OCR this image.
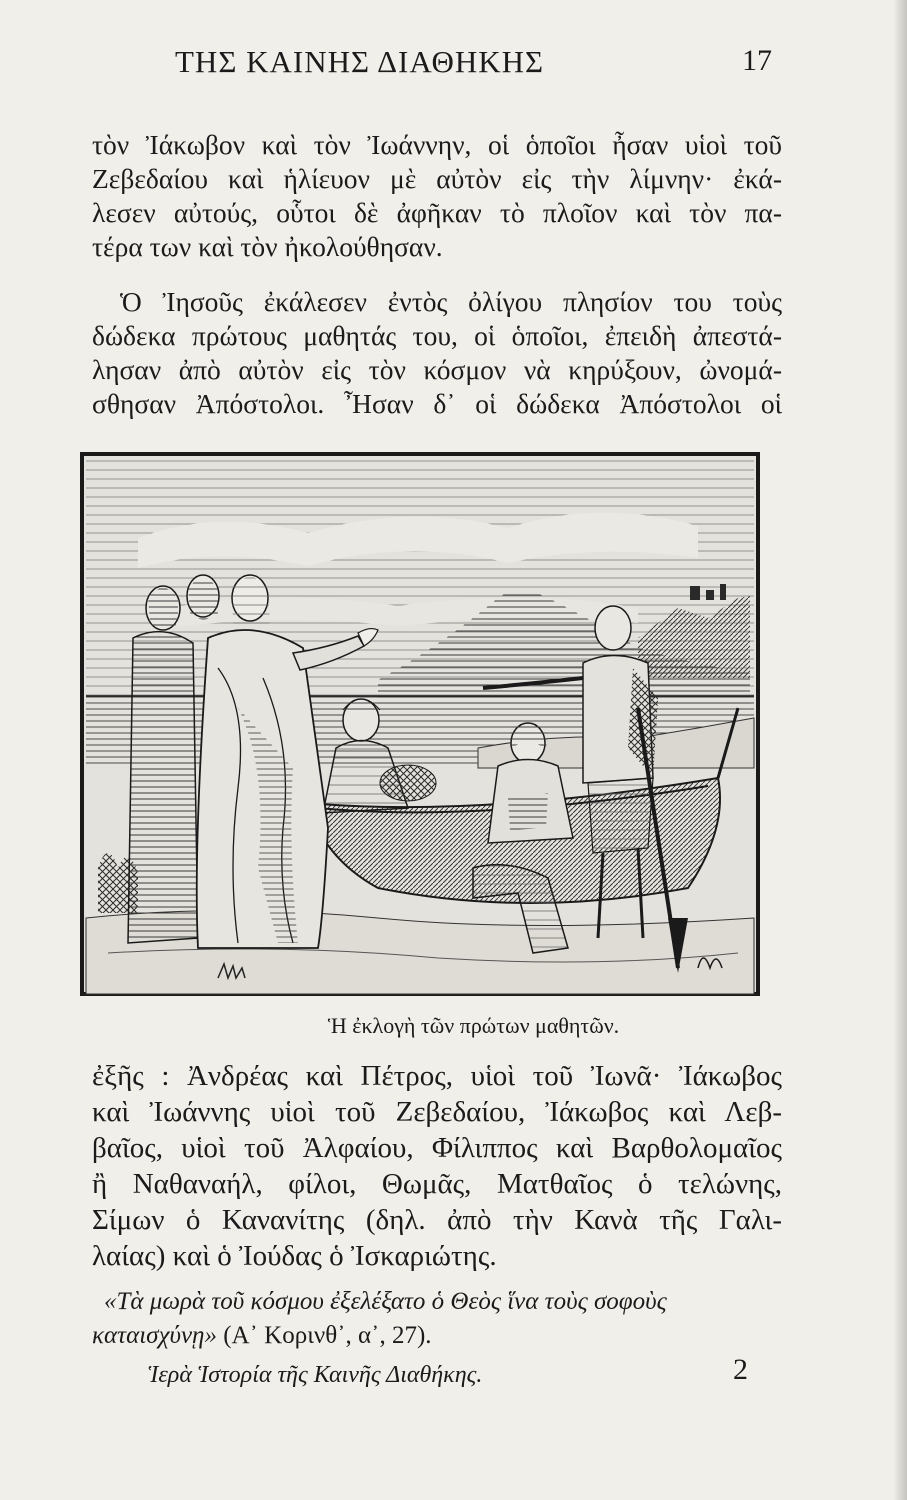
ΤΗΣ ΚΑΙΝΗΣ ΔΙΑΘΗΚΗΣ	17
τὸν Ἰάκωβον καὶ τὸν Ἰωάννην, οἱ ὁποῖοι ἦσαν υἱοὶ τοῦ
Ζεβεδαίου καὶ ἡλίευον μὲ αὐτὸν εἰς τὴν λίμνην· ἐκά-
λεσεν αὐτούς, οὗτοι δὲ ἀφῆκαν τὸ πλοῖον καὶ τὸν πα-
τέρα των καὶ τὸν ἠκολούθησαν.
Ὁ Ἰησοῦς ἐκάλεσεν ἐντὸς ὀλίγου πλησίον του τοὺς
δώδεκα πρώτους μαθητάς του, οἱ ὁποῖοι, ἐπειδὴ ἀπεστά-
λησαν ἀπὸ αὐτὸν εἰς τὸν κόσμον νὰ κηρύξουν, ὠνομά-
σθησαν Ἀπόστολοι. Ἦσαν δ᾽ οἱ δώδεκα Ἀπόστολοι οἱ
Ἡ ἐκλογὴ τῶν πρώτων μαθητῶν.
ἐξῆς : Ἀνδρέας καὶ Πέτρος, υἱοὶ τοῦ Ἰωνᾶ· Ἰάκωβος
καὶ Ἰωάννης υἱοὶ τοῦ Ζεβεδαίου, Ἰάκωβος καὶ Λεβ-
βαῖος, υἱοὶ τοῦ Ἀλφαίου, Φίλιππος καὶ Βαρθολομαῖος
ἢ Ναθαναήλ, φίλοι, Θωμᾶς, Ματθαῖος ὁ τελώνης,
Σίμων ὁ Κανανίτης (δηλ. ἀπὸ τὴν Κανὰ τῆς Γαλι-
λαίας) καὶ ὁ Ἰούδας ὁ Ἰσκαριώτης.
«Τὰ μωρὰ τοῦ κόσμου ἐξελέξατο ὁ Θεὸς ἵνα τοὺς σοφοὺς
καταισχύνῃ» (Α᾽ Κορινθ᾽, α᾽, 27).
Ἱερὰ Ἱστορία τῆς Καινῆς Διαθήκης.	2
